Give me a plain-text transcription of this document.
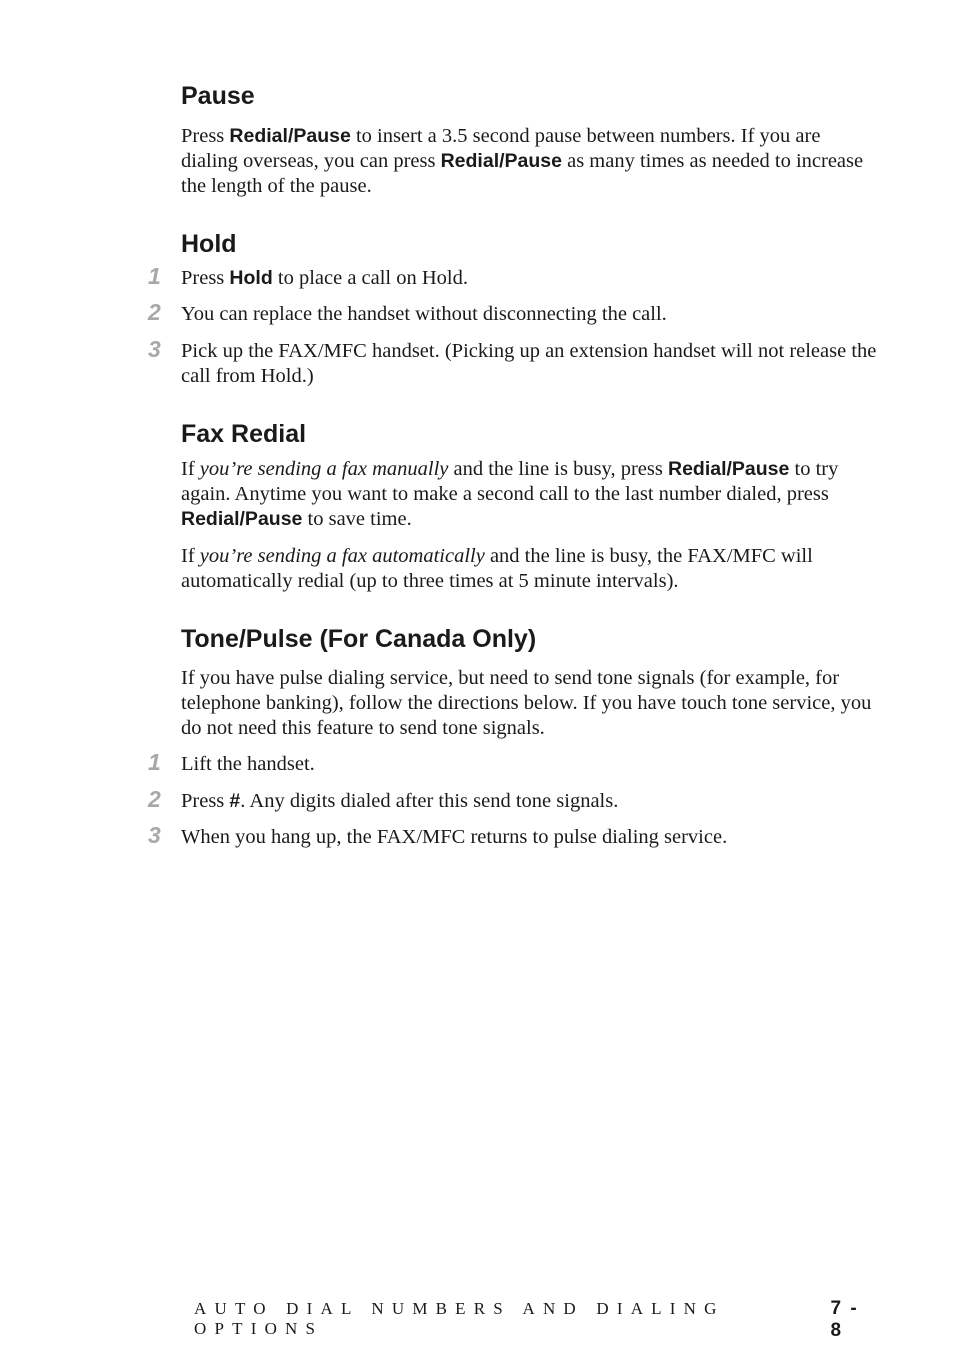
Pause

Press Redial/Pause to insert a 3.5 second pause between numbers. If you are dialing overseas, you can press Redial/Pause as many times as needed to increase the length of the pause.

Hold
1 Press Hold to place a call on Hold.

2 You can replace the handset without disconnecting the call.

3 Pick up the FAX/MFC handset. (Picking up an extension handset will not release the call from Hold.)

Fax Redial

If you’re sending a fax manually and the line is busy, press Redial/Pause to try again. Anytime you want to make a second call to the last number dialed, press Redial/Pause to save time.

If you’re sending a fax automatically and the line is busy, the FAX/MFC will automatically redial (up to three times at 5 minute intervals).

Tone/Pulse (For Canada Only)

If you have pulse dialing service, but need to send tone signals (for example, for telephone banking), follow the directions below. If you have touch tone service, you do not need this feature to send tone signals.

1 Lift the handset.

2 Press #. Any digits dialed after this send tone signals.

3 When you hang up, the FAX/MFC returns to pulse dialing service.

AUTO DIAL NUMBERS AND DIALING OPTIONS
7 - 8
